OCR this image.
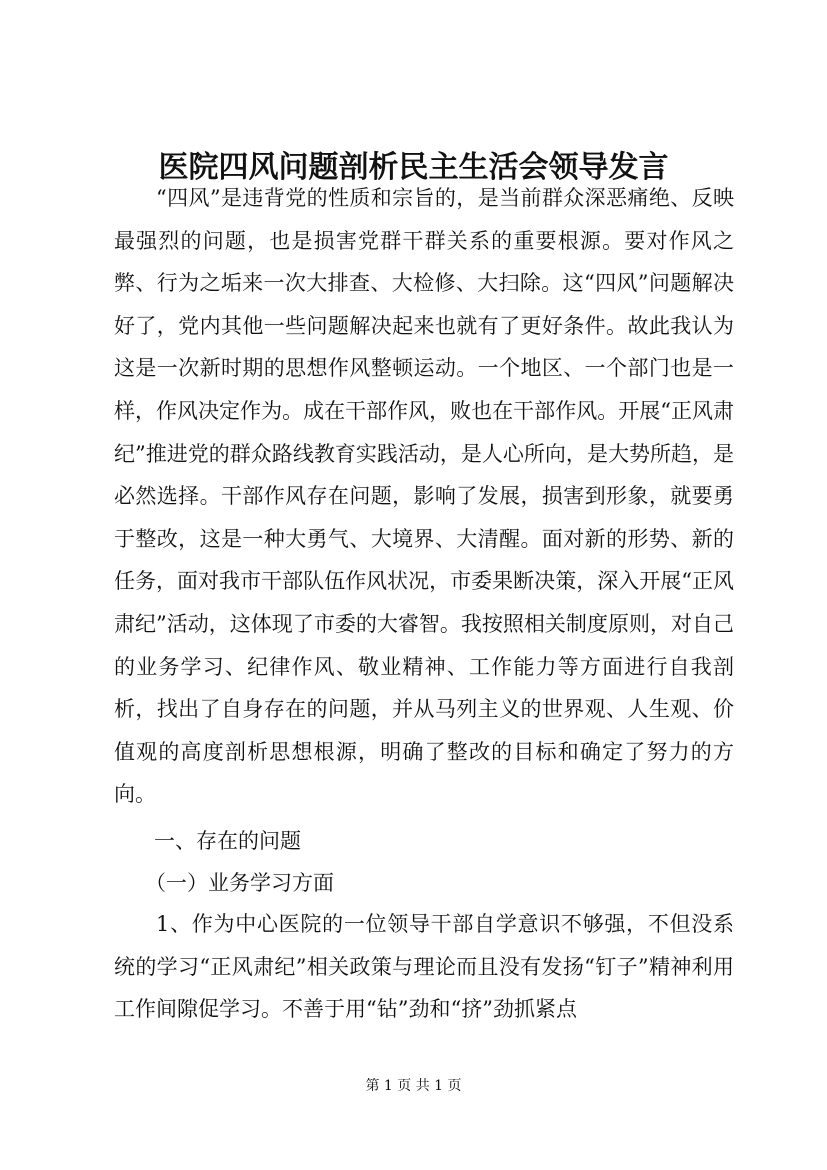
医院四风问题剖析民主生活会领导发言

“四风”是违背党的性质和宗旨的，是当前群众深恶痛绝、反映最强烈的问题，也是损害党群干群关系的重要根源。要对作风之弊、行为之垢来一次大排查、大检修、大扫除。这“四风”问题解决好了，党内其他一些问题解决起来也就有了更好条件。故此我认为这是一次新时期的思想作风整顿运动。一个地区、一个部门也是一样，作风决定作为。成在干部作风，败也在干部作风。开展“正风肃纪”推进党的群众路线教育实践活动，是人心所向，是大势所趋，是必然选择。干部作风存在问题，影响了发展，损害到形象，就要勇于整改，这是一种大勇气、大境界、大清醒。面对新的形势、新的任务，面对我市干部队伍作风状况，市委果断决策，深入开展“正风肃纪”活动，这体现了市委的大睿智。我按照相关制度原则，对自己的业务学习、纪律作风、敬业精神、工作能力等方面进行自我剖析，找出了自身存在的问题，并从马列主义的世界观、人生观、价值观的高度剖析思想根源，明确了整改的目标和确定了努力的方向。

一、存在的问题
（一）业务学习方面

1、作为中心医院的一位领导干部自学意识不够强，不但没系统的学习“正风肃纪”相关政策与理论而且没有发扬“钉子”精神利用工作间隙促学习。不善于用“钻”劲和“挤”劲抓紧点

第 1 页 共 1 页
